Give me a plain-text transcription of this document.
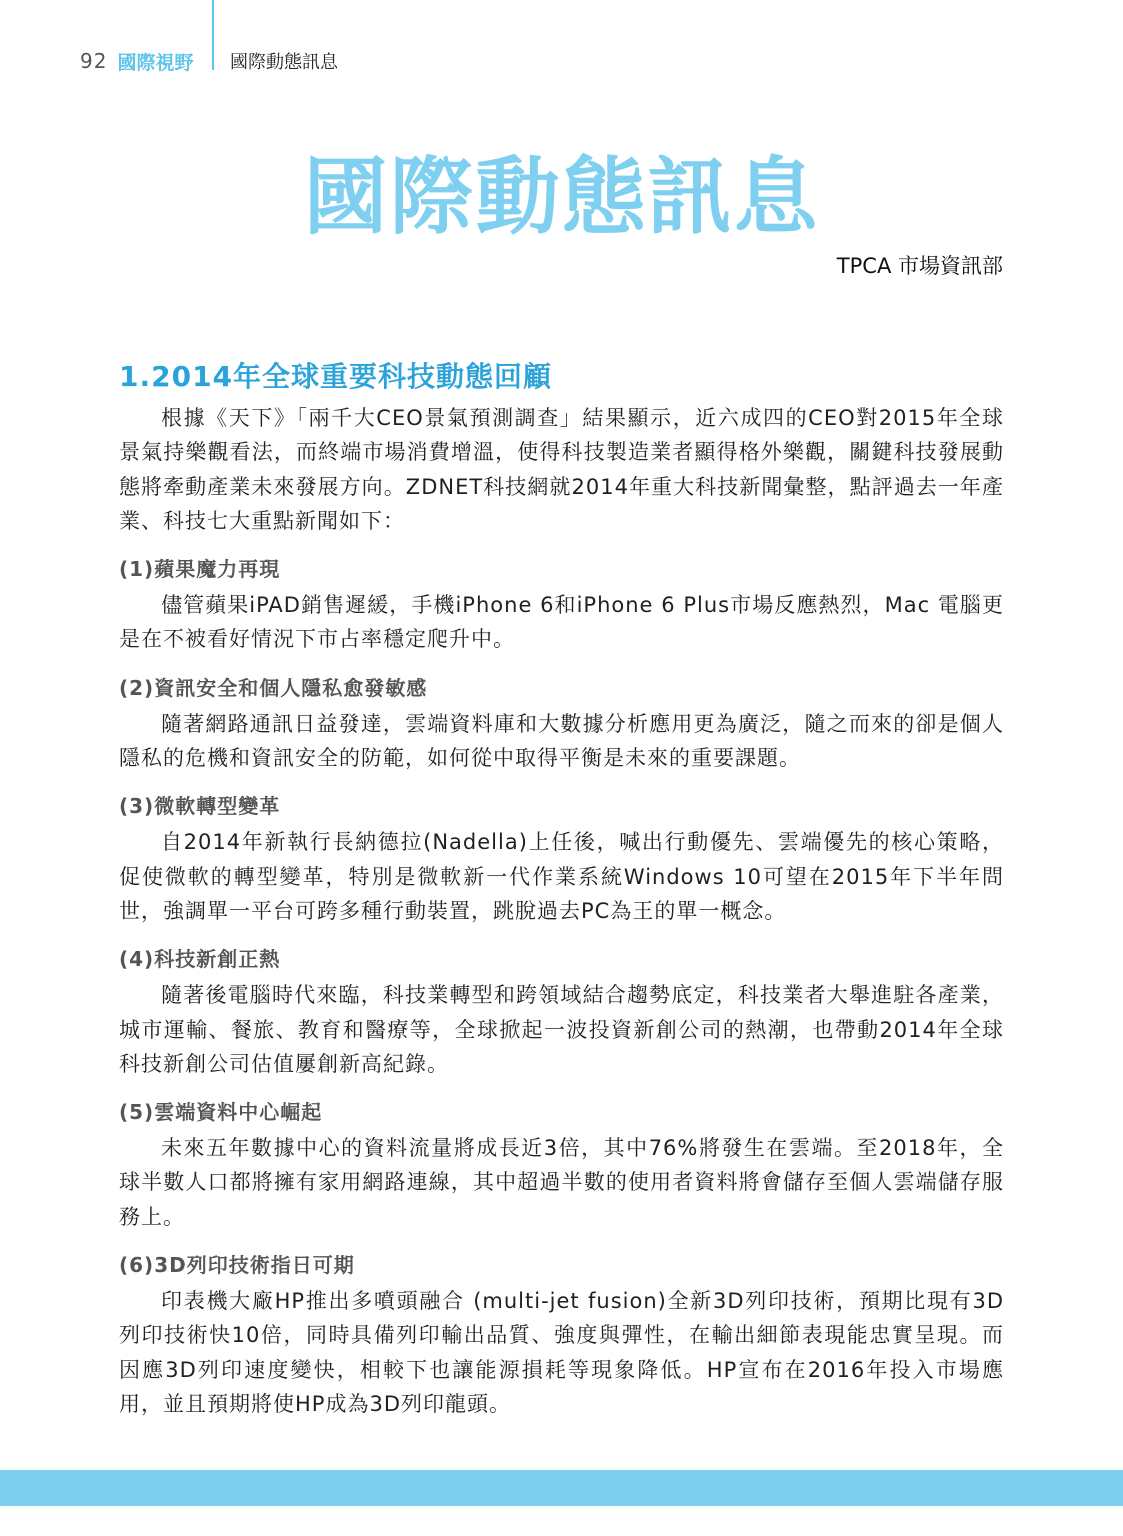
92 國際視野 國際動態訊息
國際動態訊息
TPCA 市場資訊部
1.2014年全球重要科技動態回顧

根據《天下》「兩千大CEO景氣預測調查」結果顯示，近六成四的CEO對2015年全球景氣持樂觀看法，而終端市場消費增溫，使得科技製造業者顯得格外樂觀，關鍵科技發展動態將牽動產業未來發展方向。ZDNET科技網就2014年重大科技新聞彙整，點評過去一年產業、科技七大重點新聞如下：

(1)蘋果魔力再現

儘管蘋果iPAD銷售遲緩，手機iPhone 6和iPhone 6 Plus市場反應熱烈，Mac 電腦更是在不被看好情況下市占率穩定爬升中。

(2)資訊安全和個人隱私愈發敏感

隨著網路通訊日益發達，雲端資料庫和大數據分析應用更為廣泛，隨之而來的卻是個人隱私的危機和資訊安全的防範，如何從中取得平衡是未來的重要課題。

(3)微軟轉型變革

自2014年新執行長納德拉(Nadella)上任後，喊出行動優先、雲端優先的核心策略，促使微軟的轉型變革，特別是微軟新一代作業系統Windows 10可望在2015年下半年問世，強調單一平台可跨多種行動裝置，跳脫過去PC為王的單一概念。

(4)科技新創正熱

隨著後電腦時代來臨，科技業轉型和跨領域結合趨勢底定，科技業者大舉進駐各產業，城市運輸、餐旅、教育和醫療等，全球掀起一波投資新創公司的熱潮，也帶動2014年全球科技新創公司估值屢創新高紀錄。

(5)雲端資料中心崛起

未來五年數據中心的資料流量將成長近3倍，其中76%將發生在雲端。至2018年，全球半數人口都將擁有家用網路連線，其中超過半數的使用者資料將會儲存至個人雲端儲存服務上。

(6)3D列印技術指日可期

印表機大廠HP推出多噴頭融合 (multi-jet fusion)全新3D列印技術，預期比現有3D列印技術快10倍，同時具備列印輸出品質、強度與彈性，在輸出細節表現能忠實呈現。而因應3D列印速度變快，相較下也讓能源損耗等現象降低。HP宣布在2016年投入市場應用，並且預期將使HP成為3D列印龍頭。
